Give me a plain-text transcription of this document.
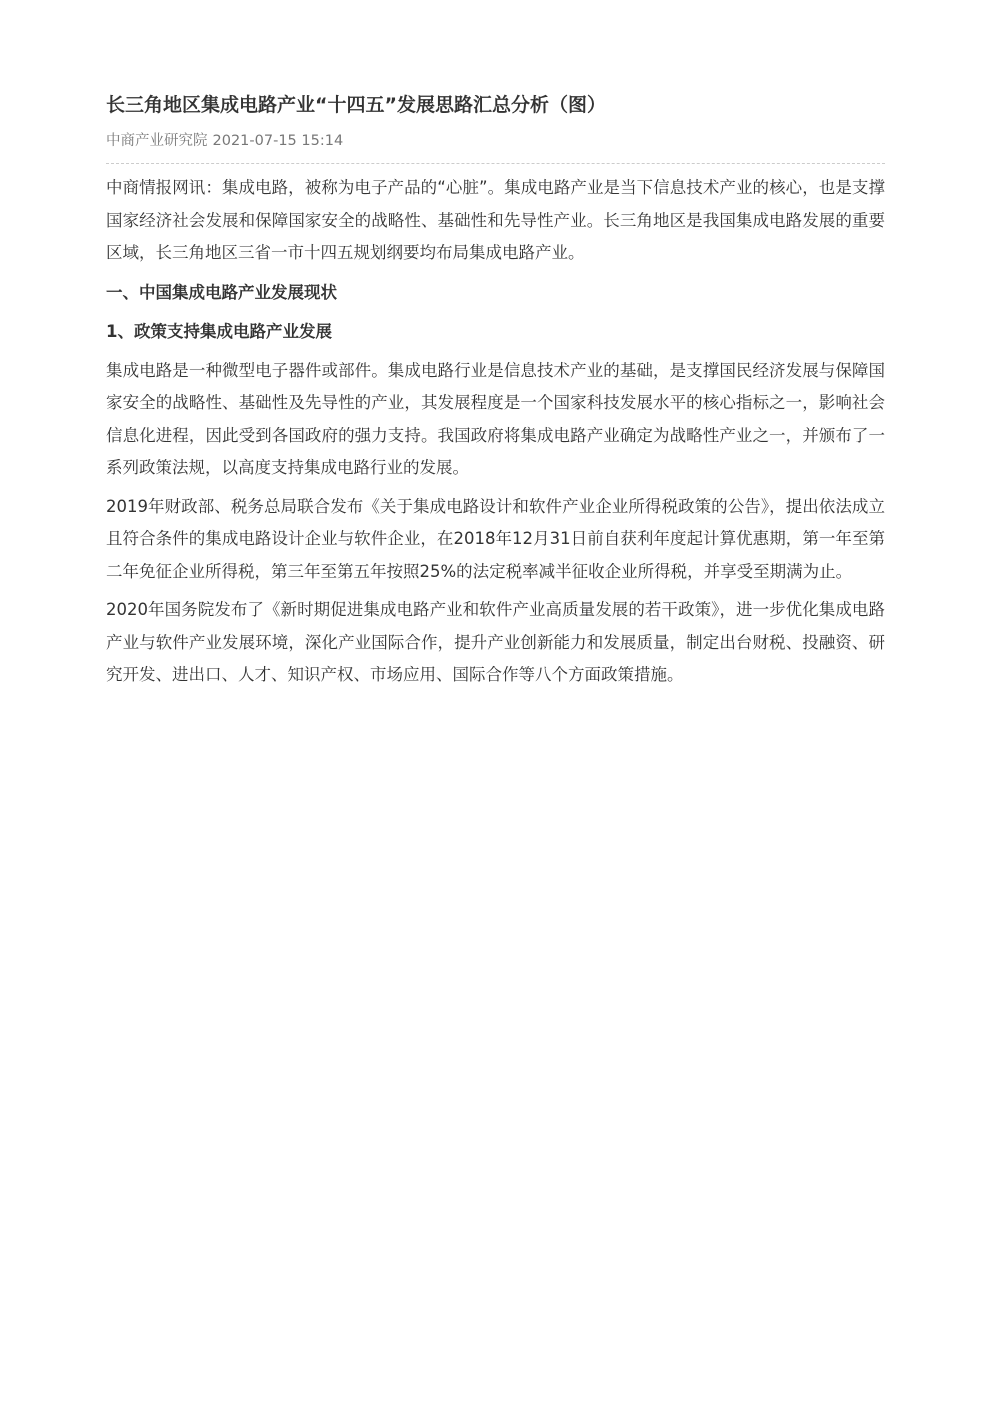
长三角地区集成电路产业“十四五”发展思路汇总分析（图）
中商产业研究院 2021-07-15 15:14

中商情报网讯：集成电路，被称为电子产品的“心脏”。集成电路产业是当下信息技术产业的核心，也是支撑国家经济社会发展和保障国家安全的战略性、基础性和先导性产业。长三角地区是我国集成电路发展的重要区域，长三角地区三省一市十四五规划纲要均布局集成电路产业。

一、中国集成电路产业发展现状
1、政策支持集成电路产业发展

集成电路是一种微型电子器件或部件。集成电路行业是信息技术产业的基础，是支撑国民经济发展与保障国家安全的战略性、基础性及先导性的产业，其发展程度是一个国家科技发展水平的核心指标之一，影响社会信息化进程，因此受到各国政府的强力支持。我国政府将集成电路产业确定为战略性产业之一，并颁布了一系列政策法规，以高度支持集成电路行业的发展。

2019年财政部、税务总局联合发布《关于集成电路设计和软件产业企业所得税政策的公告》，提出依法成立且符合条件的集成电路设计企业与软件企业，在2018年12月31日前自获利年度起计算优惠期，第一年至第二年免征企业所得税，第三年至第五年按照25%的法定税率减半征收企业所得税，并享受至期满为止。

2020年国务院发布了《新时期促进集成电路产业和软件产业高质量发展的若干政策》，进一步优化集成电路产业与软件产业发展环境，深化产业国际合作，提升产业创新能力和发展质量，制定出台财税、投融资、研究开发、进出口、人才、知识产权、市场应用、国际合作等八个方面政策措施。
